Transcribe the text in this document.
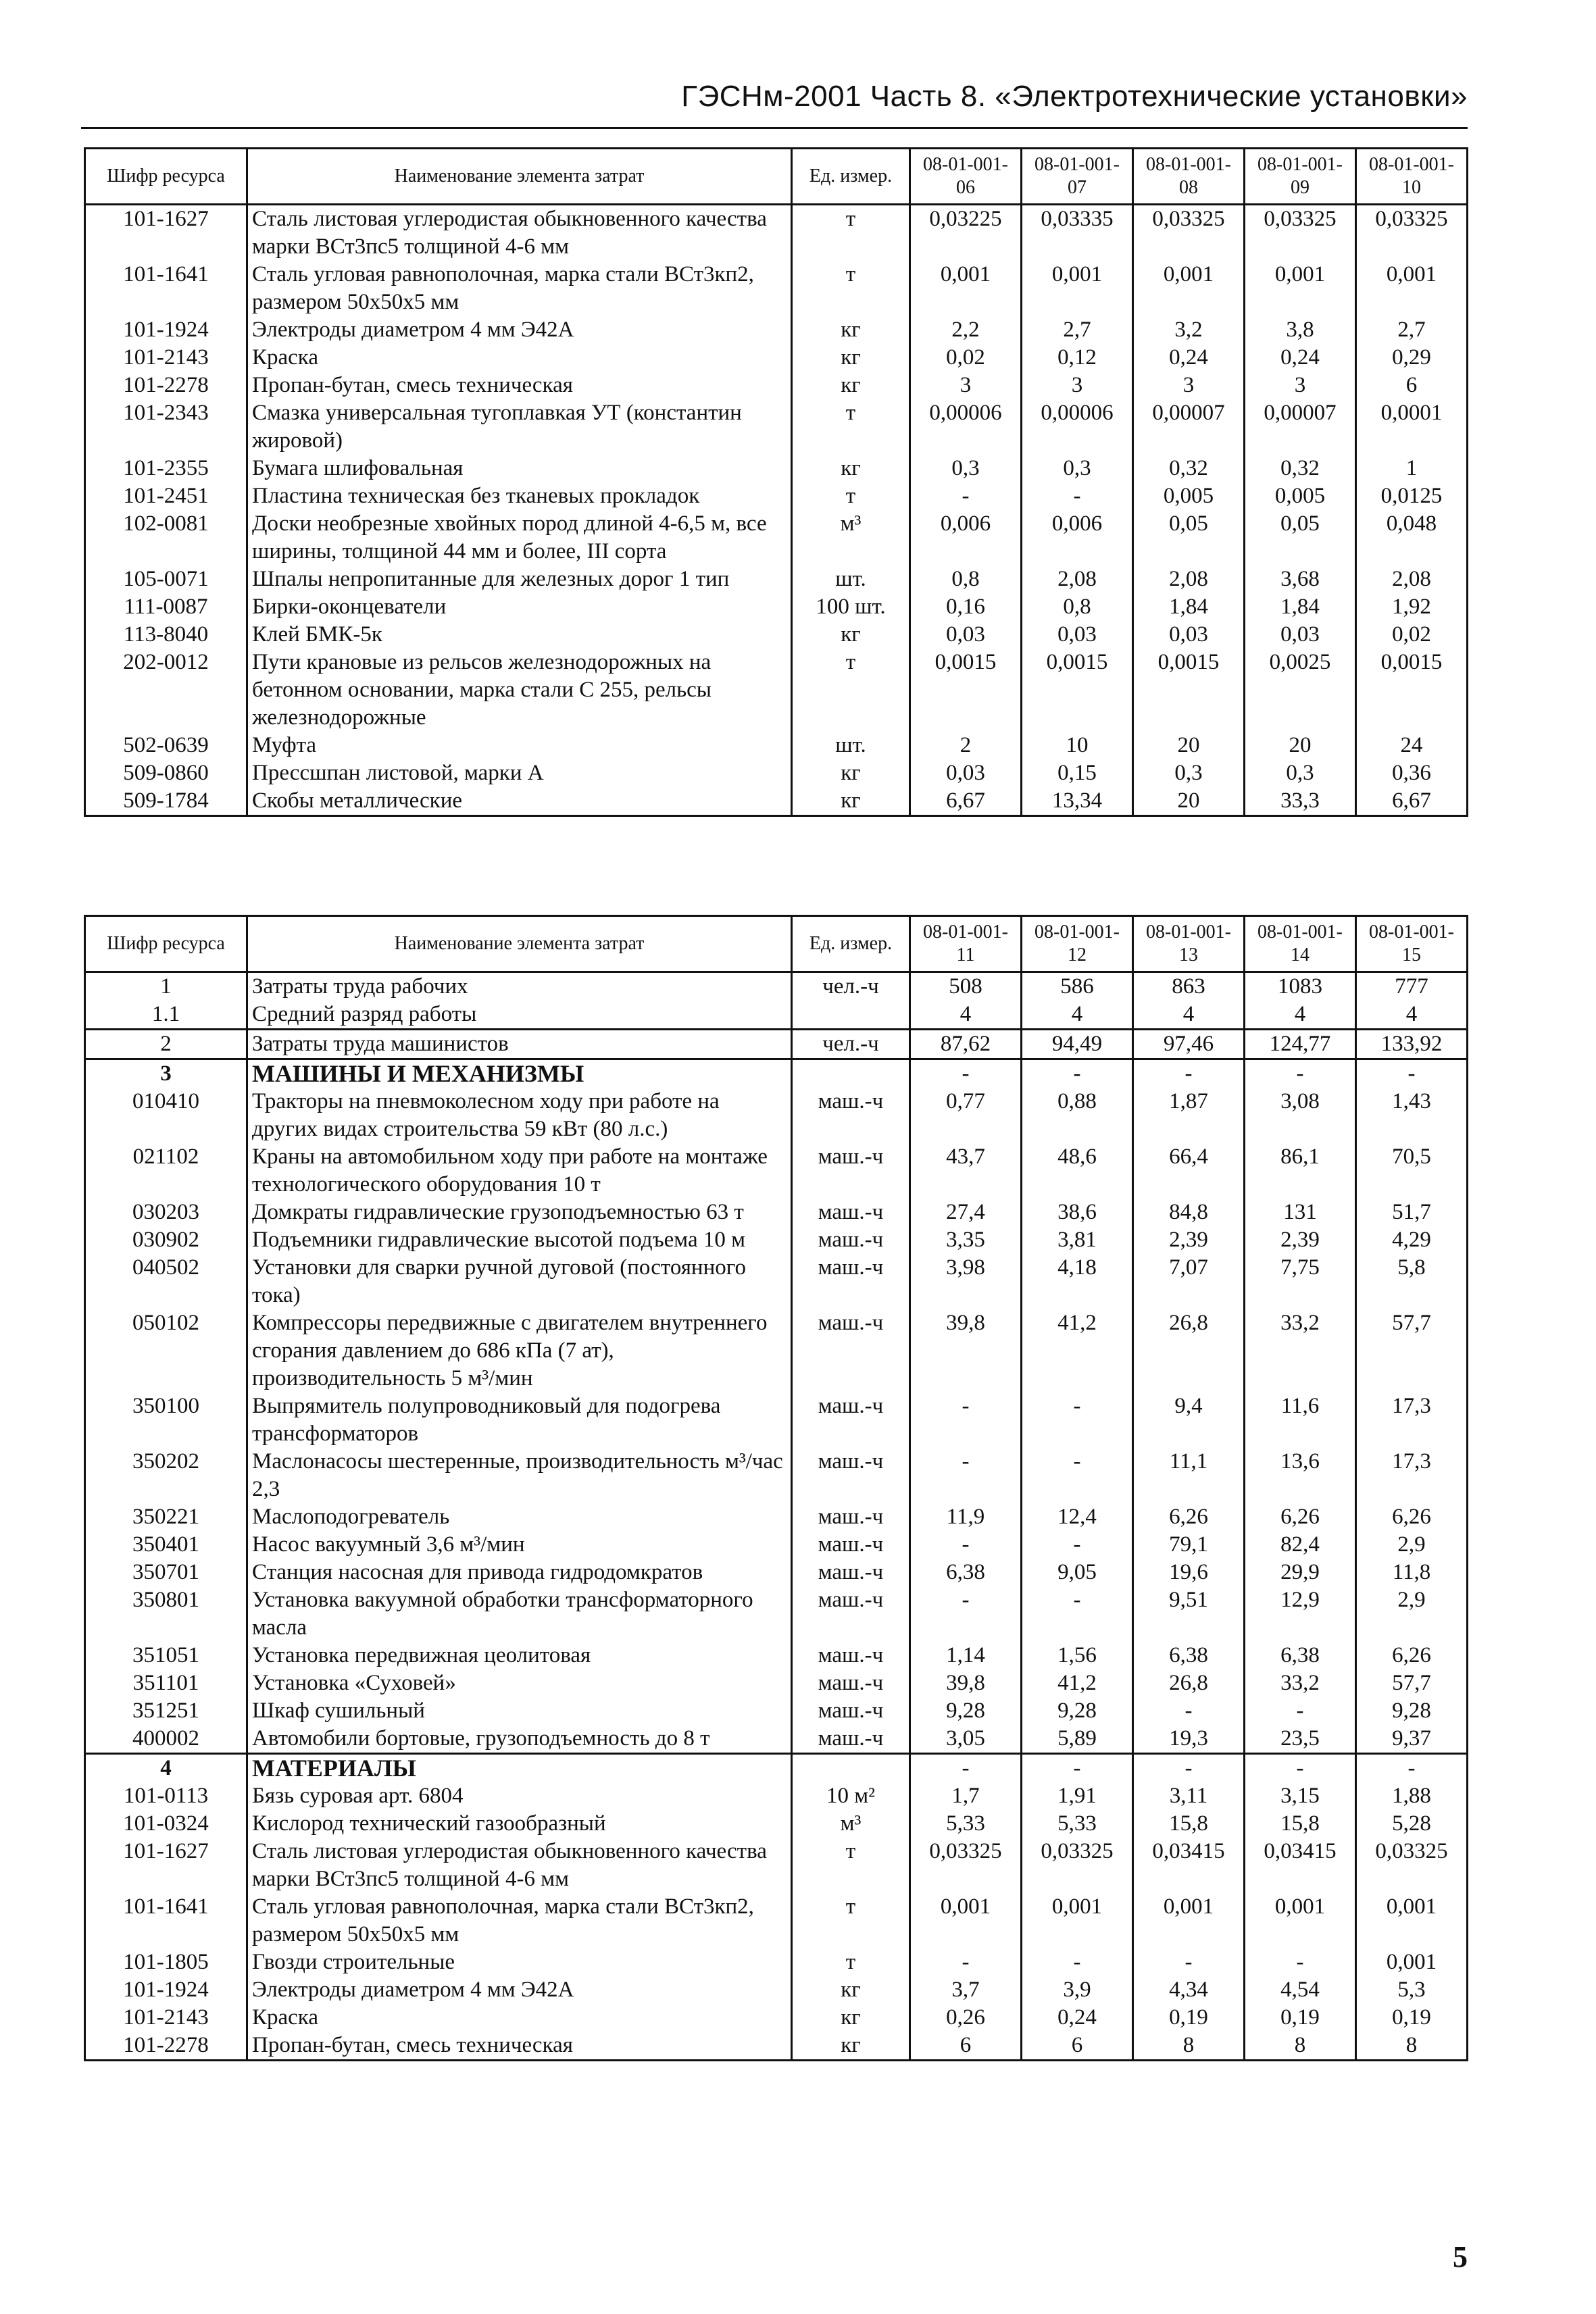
ГЭСНм-2001 Часть 8. «Электротехнические установки»
Шифр ресурса	Наименование элемента затрат	Ед. измер.	08-01-001-06	08-01-001-07	08-01-001-08	08-01-001-09	08-01-001-10
101-1627	Сталь листовая углеродистая обыкновенного качества марки ВСт3пс5 толщиной 4-6 мм	т	0,03225	0,03335	0,03325	0,03325	0,03325
101-1641	Сталь угловая равнополочная, марка стали ВСт3кп2, размером 50х50х5 мм	т	0,001	0,001	0,001	0,001	0,001
101-1924	Электроды диаметром 4 мм Э42А	кг	2,2	2,7	3,2	3,8	2,7
101-2143	Краска	кг	0,02	0,12	0,24	0,24	0,29
101-2278	Пропан-бутан, смесь техническая	кг	3	3	3	3	6
101-2343	Смазка универсальная тугоплавкая УТ (константин жировой)	т	0,00006	0,00006	0,00007	0,00007	0,0001
101-2355	Бумага шлифовальная	кг	0,3	0,3	0,32	0,32	1
101-2451	Пластина техническая без тканевых прокладок	т	-	-	0,005	0,005	0,0125
102-0081	Доски необрезные хвойных пород длиной 4-6,5 м, все ширины, толщиной 44 мм и более, III сорта	м³	0,006	0,006	0,05	0,05	0,048
105-0071	Шпалы непропитанные для железных дорог 1 тип	шт.	0,8	2,08	2,08	3,68	2,08
111-0087	Бирки-оконцеватели	100 шт.	0,16	0,8	1,84	1,84	1,92
113-8040	Клей БМК-5к	кг	0,03	0,03	0,03	0,03	0,02
202-0012	Пути крановые из рельсов железнодорожных на бетонном основании, марка стали С 255, рельсы железнодорожные	т	0,0015	0,0015	0,0015	0,0025	0,0015
502-0639	Муфта	шт.	2	10	20	20	24
509-0860	Прессшпан листовой, марки А	кг	0,03	0,15	0,3	0,3	0,36
509-1784	Скобы металлические	кг	6,67	13,34	20	33,3	6,67
Шифр ресурса	Наименование элемента затрат	Ед. измер.	08-01-001-11	08-01-001-12	08-01-001-13	08-01-001-14	08-01-001-15
1	Затраты труда рабочих	чел.-ч	508	586	863	1083	777
1.1	Средний разряд работы		4	4	4	4	4
2	Затраты труда машинистов	чел.-ч	87,62	94,49	97,46	124,77	133,92
3	МАШИНЫ И МЕХАНИЗМЫ		-	-	-	-	-
010410	Тракторы на пневмоколесном ходу при работе на других видах строительства 59 кВт (80 л.с.)	маш.-ч	0,77	0,88	1,87	3,08	1,43
021102	Краны на автомобильном ходу при работе на монтаже технологического оборудования 10 т	маш.-ч	43,7	48,6	66,4	86,1	70,5
030203	Домкраты гидравлические грузоподъемностью 63 т	маш.-ч	27,4	38,6	84,8	131	51,7
030902	Подъемники гидравлические высотой подъема 10 м	маш.-ч	3,35	3,81	2,39	2,39	4,29
040502	Установки для сварки ручной дуговой (постоянного тока)	маш.-ч	3,98	4,18	7,07	7,75	5,8
050102	Компрессоры передвижные с двигателем внутреннего сгорания давлением до 686 кПа (7 ат), производительность 5 м³/мин	маш.-ч	39,8	41,2	26,8	33,2	57,7
350100	Выпрямитель полупроводниковый для подогрева трансформаторов	маш.-ч	-	-	9,4	11,6	17,3
350202	Маслонасосы шестеренные, производительность м³/час 2,3	маш.-ч	-	-	11,1	13,6	17,3
350221	Маслоподогреватель	маш.-ч	11,9	12,4	6,26	6,26	6,26
350401	Насос вакуумный 3,6 м³/мин	маш.-ч	-	-	79,1	82,4	2,9
350701	Станция насосная для привода гидродомкратов	маш.-ч	6,38	9,05	19,6	29,9	11,8
350801	Установка вакуумной обработки трансформаторного масла	маш.-ч	-	-	9,51	12,9	2,9
351051	Установка передвижная цеолитовая	маш.-ч	1,14	1,56	6,38	6,38	6,26
351101	Установка «Суховей»	маш.-ч	39,8	41,2	26,8	33,2	57,7
351251	Шкаф сушильный	маш.-ч	9,28	9,28	-	-	9,28
400002	Автомобили бортовые, грузоподъемность до 8 т	маш.-ч	3,05	5,89	19,3	23,5	9,37
4	МАТЕРИАЛЫ		-	-	-	-	-
101-0113	Бязь суровая арт. 6804	10 м²	1,7	1,91	3,11	3,15	1,88
101-0324	Кислород технический газообразный	м³	5,33	5,33	15,8	15,8	5,28
101-1627	Сталь листовая углеродистая обыкновенного качества марки ВСт3пс5 толщиной 4-6 мм	т	0,03325	0,03325	0,03415	0,03415	0,03325
101-1641	Сталь угловая равнополочная, марка стали ВСт3кп2, размером 50х50х5 мм	т	0,001	0,001	0,001	0,001	0,001
101-1805	Гвозди строительные	т	-	-	-	-	0,001
101-1924	Электроды диаметром 4 мм Э42А	кг	3,7	3,9	4,34	4,54	5,3
101-2143	Краска	кг	0,26	0,24	0,19	0,19	0,19
101-2278	Пропан-бутан, смесь техническая	кг	6	6	8	8	8
5
